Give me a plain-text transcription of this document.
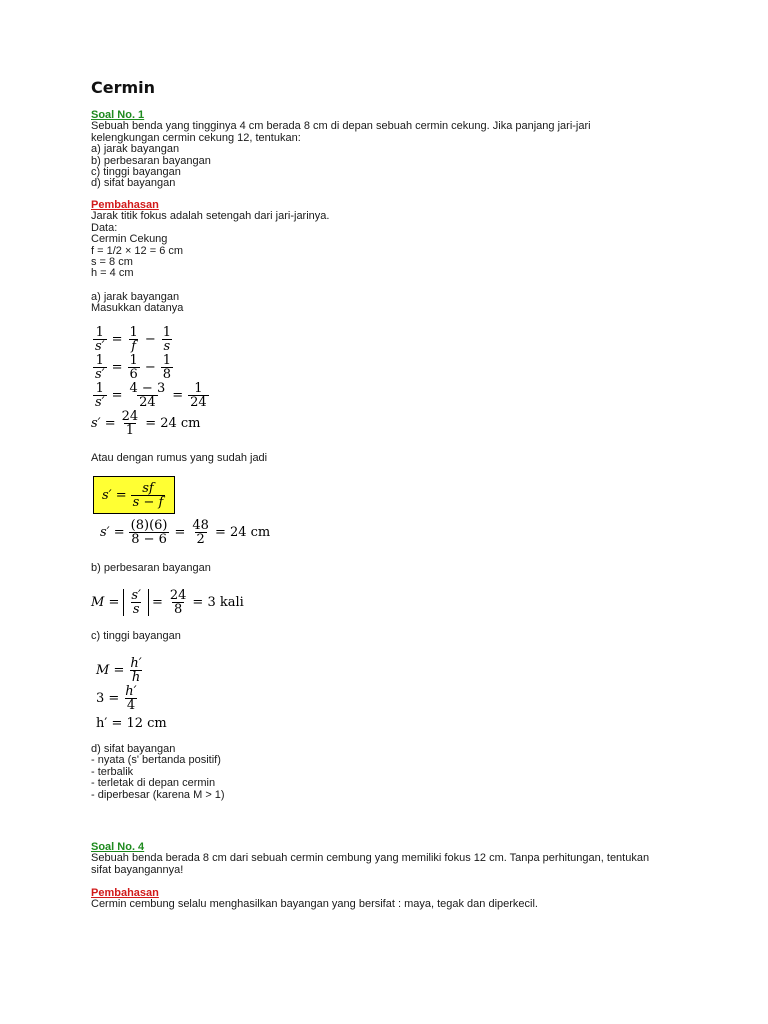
Cermin
Soal No. 1
Sebuah benda yang tingginya 4 cm berada 8 cm di depan sebuah cermin cekung. Jika panjang jari-jari
kelengkungan cermin cekung 12, tentukan:
a) jarak bayangan
b) perbesaran bayangan
c) tinggi bayangan
d) sifat bayangan
Pembahasan
Jarak titik fokus adalah setengah dari jari-jarinya.
Data:
Cermin Cekung
f = 1/2 × 12 = 6 cm
s = 8 cm
h = 4 cm
a) jarak bayangan
Masukkan datanya
$\frac{1}{s'} = \frac{1}{f} - \frac{1}{s}$
$\frac{1}{s'} = \frac{1}{6} - \frac{1}{8}$
$\frac{1}{s'} = \frac{4 - 3}{24} = \frac{1}{24}$
$s' = \frac{24}{1} = 24$ cm
Atau dengan rumus yang sudah jadi
$s' = \frac{sf}{s - f}$
$s' = \frac{(8)(6)}{8 - 6} = \frac{48}{2} = 24$ cm
b) perbesaran bayangan
$M = \frac{s'}{s} = \frac{24}{8} = 3$ kali
c) tinggi bayangan
$M = \frac{h'}{h}$
$3 = \frac{h'}{4}$
h′ = 12 cm
d) sifat bayangan
- nyata (s' bertanda positif)
- terbalik
- terletak di depan cermin
- diperbesar (karena M > 1)
Soal No. 4
Sebuah benda berada 8 cm dari sebuah cermin cembung yang memiliki fokus 12 cm. Tanpa perhitungan, tentukan
sifat bayangannya!
Pembahasan
Cermin cembung selalu menghasilkan bayangan yang bersifat : maya, tegak dan diperkecil.
